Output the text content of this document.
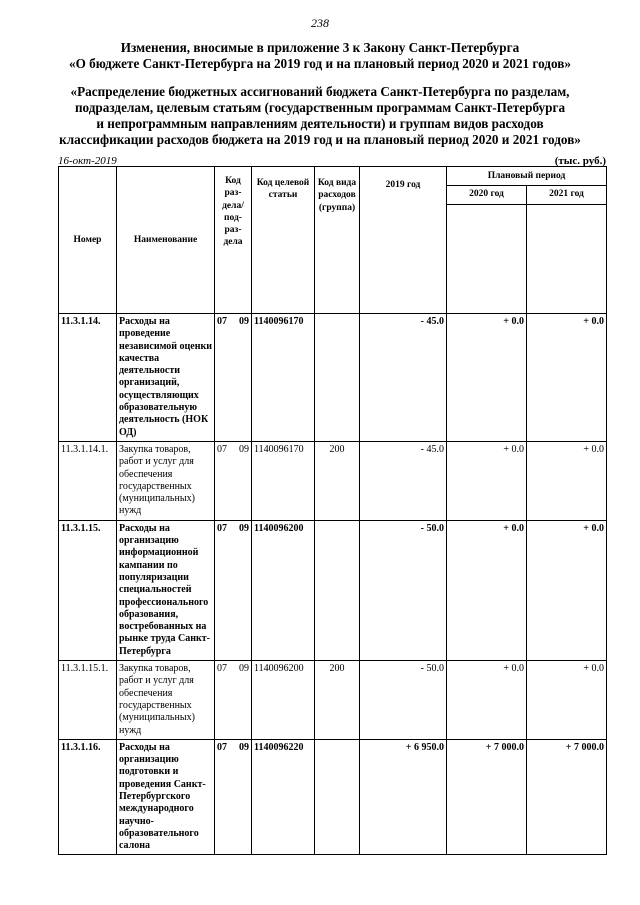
238
Изменения, вносимые в приложение 3 к Закону Санкт-Петербурга
«О бюджете Санкт-Петербурга на 2019 год и на плановый период 2020 и 2021 годов»
«Распределение бюджетных ассигнований бюджета Санкт-Петербурга по разделам,
подразделам, целевым статьям (государственным программам Санкт-Петербурга
и непрограммным направлениям деятельности) и группам видов расходов
классификации расходов бюджета на 2019 год и на плановый период 2020 и 2021 годов»
16-окт-2019	(тыс. руб.)
Номер	Наименование	Код раз-дела/ под-раз-дела	Код целевой статьи	Код вида расходов (группа)	2019 год	Плановый период	
						2020 год	2021 год

11.3.1.14.	Расходы на проведение независимой оценки качества деятельности организаций, осуществляющих образовательную деятельность (НОК ОД)	07 09	1140096170		- 45.0	+ 0.0	+ 0.0
11.3.1.14.1.	Закупка товаров, работ и услуг для обеспечения государственных (муниципальных) нужд	07 09	1140096170	200	- 45.0	+ 0.0	+ 0.0
11.3.1.15.	Расходы на организацию информационной кампании по популяризации специальностей профессионального образования, востребованных на рынке труда Санкт-Петербурга	07 09	1140096200		- 50.0	+ 0.0	+ 0.0
11.3.1.15.1.	Закупка товаров, работ и услуг для обеспечения государственных (муниципальных) нужд	07 09	1140096200	200	- 50.0	+ 0.0	+ 0.0
11.3.1.16.	Расходы на организацию подготовки и проведения Санкт-Петербургского международного научно-образовательного салона	07 09	1140096220		+ 6 950.0	+ 7 000.0	+ 7 000.0
